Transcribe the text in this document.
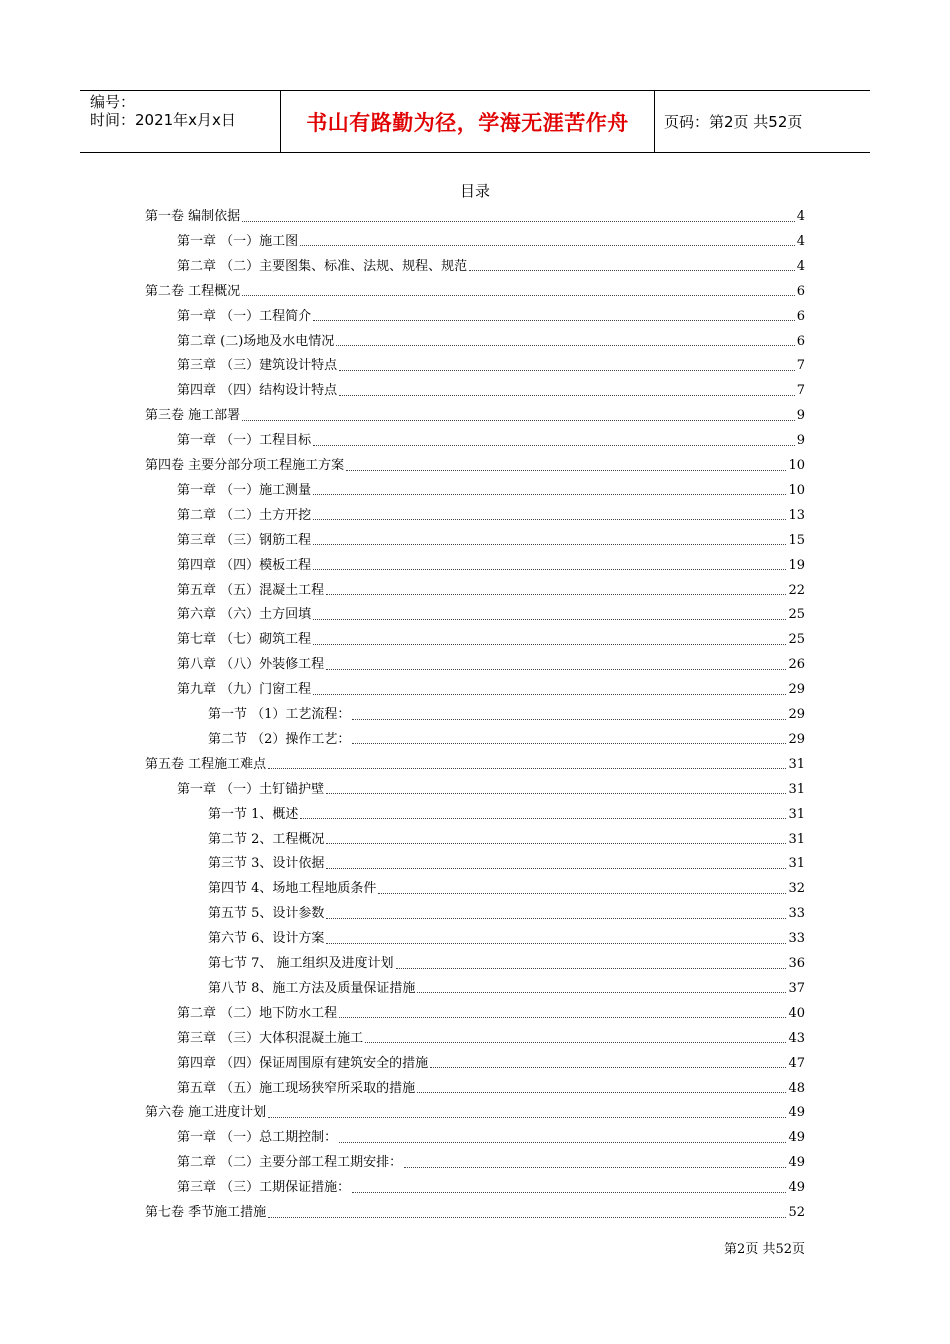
编号：
时间：2021年x月x日	书山有路勤为径，学海无涯苦作舟	页码：第2页 共52页
目录
第一卷 编制依据	4
第一章 （一）施工图	4
第二章 （二）主要图集、标准、法规、规程、规范	4
第二卷 工程概况	6
第一章 （一）工程简介	6
第二章 (二)场地及水电情况	6
第三章 （三）建筑设计特点	7
第四章 （四）结构设计特点	7
第三卷 施工部署	9
第一章 （一）工程目标	9
第四卷 主要分部分项工程施工方案	10
第一章 （一）施工测量	10
第二章 （二）土方开挖	13
第三章 （三）钢筋工程	15
第四章 （四）模板工程	19
第五章 （五）混凝土工程	22
第六章 （六）土方回填	25
第七章 （七）砌筑工程	25
第八章 （八）外装修工程	26
第九章 （九）门窗工程	29
第一节 （1）工艺流程：	29
第二节 （2）操作工艺：	29
第五卷 工程施工难点	31
第一章 （一）土钉锚护壁	31
第一节 1、概述	31
第二节 2、工程概况	31
第三节 3、设计依据	31
第四节 4、场地工程地质条件	32
第五节 5、设计参数	33
第六节 6、设计方案	33
第七节 7、 施工组织及进度计划	36
第八节 8、施工方法及质量保证措施	37
第二章 （二）地下防水工程	40
第三章 （三）大体积混凝土施工	43
第四章 （四）保证周围原有建筑安全的措施	47
第五章 （五）施工现场狭窄所采取的措施	48
第六卷 施工进度计划	49
第一章 （一）总工期控制：	49
第二章 （二）主要分部工程工期安排：	49
第三章 （三）工期保证措施：	49
第七卷 季节施工措施	52
第2页 共52页
